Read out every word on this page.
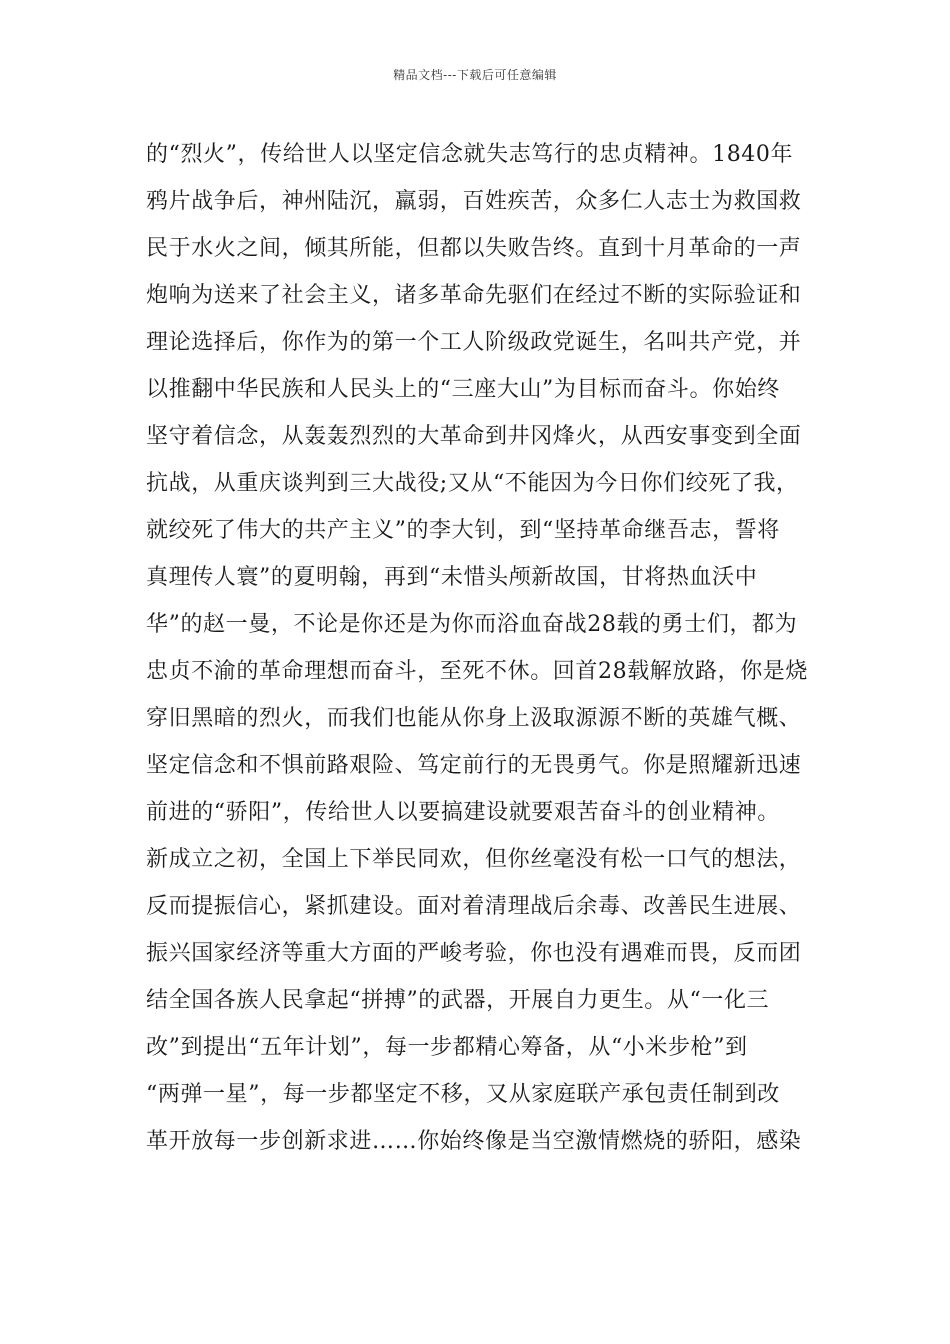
精品文档---下载后可任意编辑
的“烈火”，传给世人以坚定信念就失志笃行的忠贞精神。1840年
鸦片战争后，神州陆沉，羸弱，百姓疾苦，众多仁人志士为救国救
民于水火之间，倾其所能，但都以失败告终。直到十月革命的一声
炮响为送来了社会主义，诸多革命先驱们在经过不断的实际验证和
理论选择后，你作为的第一个工人阶级政党诞生，名叫共产党，并
以推翻中华民族和人民头上的“三座大山”为目标而奋斗。你始终
坚守着信念，从轰轰烈烈的大革命到井冈烽火，从西安事变到全面
抗战，从重庆谈判到三大战役;又从“不能因为今日你们绞死了我，
就绞死了伟大的共产主义”的李大钊，到“坚持革命继吾志，誓将
真理传人寰”的夏明翰，再到“未惜头颅新故国，甘将热血沃中
华”的赵一曼，不论是你还是为你而浴血奋战28载的勇士们，都为
忠贞不渝的革命理想而奋斗，至死不休。回首28载解放路，你是烧
穿旧黑暗的烈火，而我们也能从你身上汲取源源不断的英雄气概、
坚定信念和不惧前路艰险、笃定前行的无畏勇气。你是照耀新迅速
前进的“骄阳”，传给世人以要搞建设就要艰苦奋斗的创业精神。
新成立之初，全国上下举民同欢，但你丝毫没有松一口气的想法，
反而提振信心，紧抓建设。面对着清理战后余毒、改善民生进展、
振兴国家经济等重大方面的严峻考验，你也没有遇难而畏，反而团
结全国各族人民拿起“拼搏”的武器，开展自力更生。从“一化三
改”到提出“五年计划”，每一步都精心筹备，从“小米步枪”到
“两弹一星”，每一步都坚定不移，又从家庭联产承包责任制到改
革开放每一步创新求进……你始终像是当空激情燃烧的骄阳，感染
